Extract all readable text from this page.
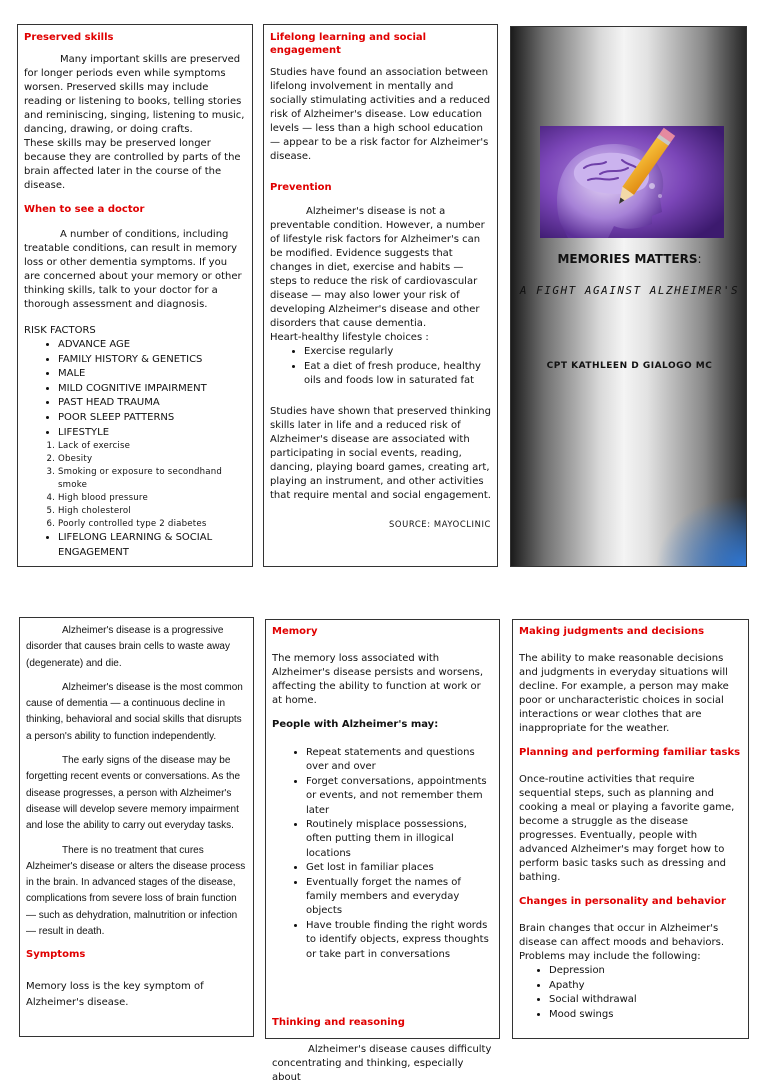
Preserved skills

Many important skills are preserved for longer periods even while symptoms worsen. Preserved skills may include reading or listening to books, telling stories and reminiscing, singing, listening to music, dancing, drawing, or doing crafts.

These skills may be preserved longer because they are controlled by parts of the brain affected later in the course of the disease.

When to see a doctor

A number of conditions, including treatable conditions, can result in memory loss or other dementia symptoms. If you are concerned about your memory or other thinking skills, talk to your doctor for a thorough assessment and diagnosis.

RISK FACTORS

• ADVANCE AGE
• FAMILY HISTORY & GENETICS
• MALE
• MILD COGNITIVE IMPAIRMENT
• PAST HEAD TRAUMA
• POOR SLEEP PATTERNS
• LIFESTYLE
1. Lack of exercise
2. Obesity
3. Smoking or exposure to secondhand smoke
4. High blood pressure
5. High cholesterol
6. Poorly controlled type 2 diabetes
• LIFELONG LEARNING & SOCIAL ENGAGEMENT
Lifelong learning and social engagement

Studies have found an association between lifelong involvement in mentally and socially stimulating activities and a reduced risk of Alzheimer's disease. Low education levels — less than a high school education — appear to be a risk factor for Alzheimer's disease.

Prevention

Alzheimer's disease is not a preventable condition. However, a number of lifestyle risk factors for Alzheimer's can be modified. Evidence suggests that changes in diet, exercise and habits — steps to reduce the risk of cardiovascular disease — may also lower your risk of developing Alzheimer's disease and other disorders that cause dementia.

Heart-healthy lifestyle choices :

• Exercise regularly
• Eat a diet of fresh produce, healthy oils and foods low in saturated fat

Studies have shown that preserved thinking skills later in life and a reduced risk of Alzheimer's disease are associated with participating in social events, reading, dancing, playing board games, creating art, playing an instrument, and other activities that require mental and social engagement.

SOURCE: MAYOCLINIC
MEMORIES MATTERS:
A FIGHT AGAINST ALZHEIMER'S
CPT KATHLEEN D GIALOGO MC

Alzheimer's disease is a progressive disorder that causes brain cells to waste away (degenerate) and die.

Alzheimer's disease is the most common cause of dementia — a continuous decline in thinking, behavioral and social skills that disrupts a person's ability to function independently.

The early signs of the disease may be forgetting recent events or conversations. As the disease progresses, a person with Alzheimer's disease will develop severe memory impairment and lose the ability to carry out everyday tasks.

There is no treatment that cures Alzheimer's disease or alters the disease process in the brain. In advanced stages of the disease, complications from severe loss of brain function — such as dehydration, malnutrition or infection — result in death.

Symptoms

Memory loss is the key symptom of Alzheimer's disease.

Memory

The memory loss associated with Alzheimer's disease persists and worsens, affecting the ability to function at work or at home.

People with Alzheimer's may:

• Repeat statements and questions over and over
• Forget conversations, appointments or events, and not remember them later
• Routinely misplace possessions, often putting them in illogical locations
• Get lost in familiar places
• Eventually forget the names of family members and everyday objects
• Have trouble finding the right words to identify objects, express thoughts or take part in conversations
Thinking and reasoning

Alzheimer's disease causes difficulty concentrating and thinking, especially about

Making judgments and decisions

The ability to make reasonable decisions and judgments in everyday situations will decline. For example, a person may make poor or uncharacteristic choices in social interactions or wear clothes that are inappropriate for the weather.

Planning and performing familiar tasks

Once-routine activities that require sequential steps, such as planning and cooking a meal or playing a favorite game, become a struggle as the disease progresses. Eventually, people with advanced Alzheimer's may forget how to perform basic tasks such as dressing and bathing.

Changes in personality and behavior

Brain changes that occur in Alzheimer's disease can affect moods and behaviors. Problems may include the following:

• Depression
• Apathy
• Social withdrawal
• Mood swings
